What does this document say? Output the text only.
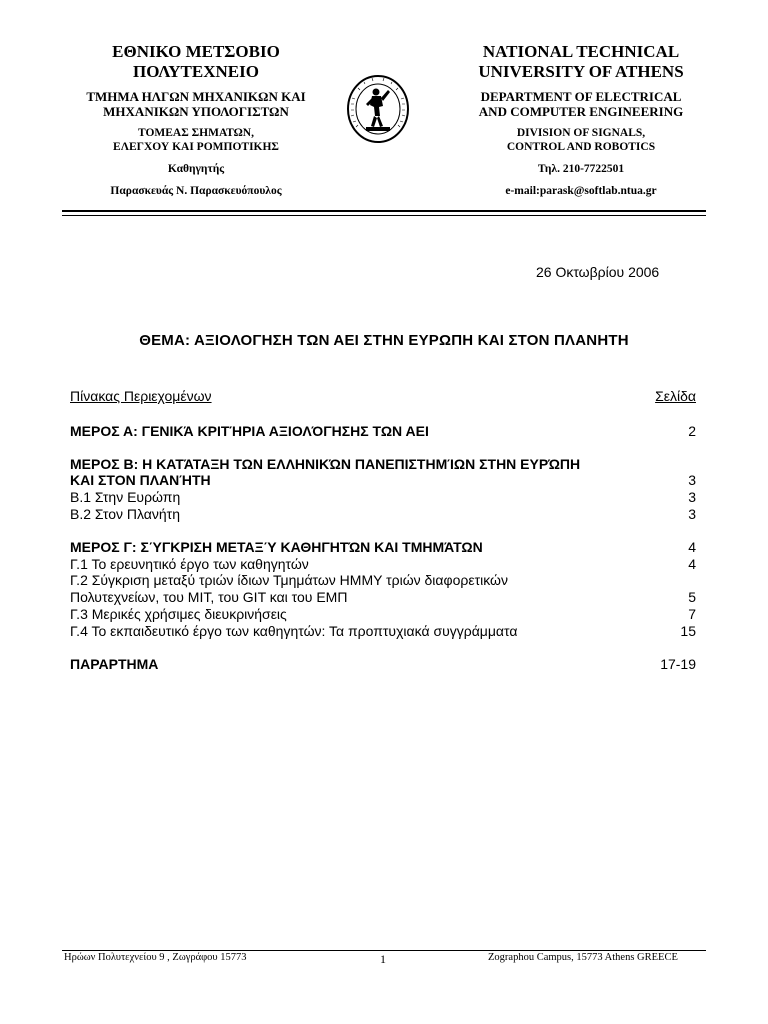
ΕΘΝΙΚΟ ΜΕΤΣΟΒΙΟ
ΠΟΛΥΤΕΧΝΕΙΟ
ΤΜΗΜΑ ΗΛΓΩΝ ΜΗΧΑΝΙΚΩΝ ΚΑΙ
ΜΗΧΑΝΙΚΩΝ ΥΠΟΛΟΓΙΣΤΩΝ
ΤΟΜΕΑΣ ΣΗΜΑΤΩΝ,
ΕΛΕΓΧΟΥ ΚΑΙ ΡΟΜΠΟΤΙΚΗΣ
Καθηγητής
Παρασκευάς Ν. Παρασκευόπουλος
NATIONAL TECHNICAL
UNIVERSITY OF ATHENS
DEPARTMENT OF ELECTRICAL
AND COMPUTER ENGINEERING
DIVISION OF SIGNALS,
CONTROL AND ROBOTICS
Τηλ. 210-7722501
e-mail:parask@softlab.ntua.gr
26 Οκτωβρίου 2006
ΘΕΜΑ: ΑΞΙΟΛΟΓΗΣΗ ΤΩΝ ΑΕΙ ΣΤΗΝ ΕΥΡΩΠΗ ΚΑΙ ΣΤΟΝ ΠΛΑΝΗΤΗ
Πίνακας Περιεχομένων	Σελίδα
ΜΕΡΟΣ Α: ΓΕΝΙΚΆ ΚΡΙΤΉΡΙΑ ΑΞΙΟΛΌΓΗΣΗΣ ΤΩΝ ΑΕΙ	2
ΜΕΡΟΣ Β: Η ΚΑΤΆΤΑΞΗ ΤΩΝ ΕΛΛΗΝΙΚΏΝ ΠΑΝΕΠΙΣΤΗΜΊΩΝ ΣΤΗΝ ΕΥΡΏΠΗ
ΚΑΙ ΣΤΟΝ ΠΛΑΝΉΤΗ	3
Β.1 Στην Ευρώπη	3
Β.2 Στον Πλανήτη	3
ΜΕΡΟΣ Γ: ΣΎΓΚΡΙΣΗ ΜΕΤΑΞΎ ΚΑΘΗΓΗΤΏΝ ΚΑΙ ΤΜΗΜΆΤΩΝ	4
Γ.1 Το ερευνητικό έργο των καθηγητών	4
Γ.2 Σύγκριση μεταξύ τριών ίδιων Τμημάτων ΗΜΜΥ τριών διαφορετικών
Πολυτεχνείων, του MIT, του GIT και του ΕΜΠ	5
Γ.3 Μερικές χρήσιμες διευκρινήσεις	7
Γ.4 Το εκπαιδευτικό έργο των καθηγητών: Τα προπτυχιακά συγγράμματα	15
ΠΑΡΑΡΤΗΜΑ	17-19
Ηρώων Πολυτεχνείου 9 , Ζωγράφου 15773	1	Zographou Campus, 15773 Athens GREECE
